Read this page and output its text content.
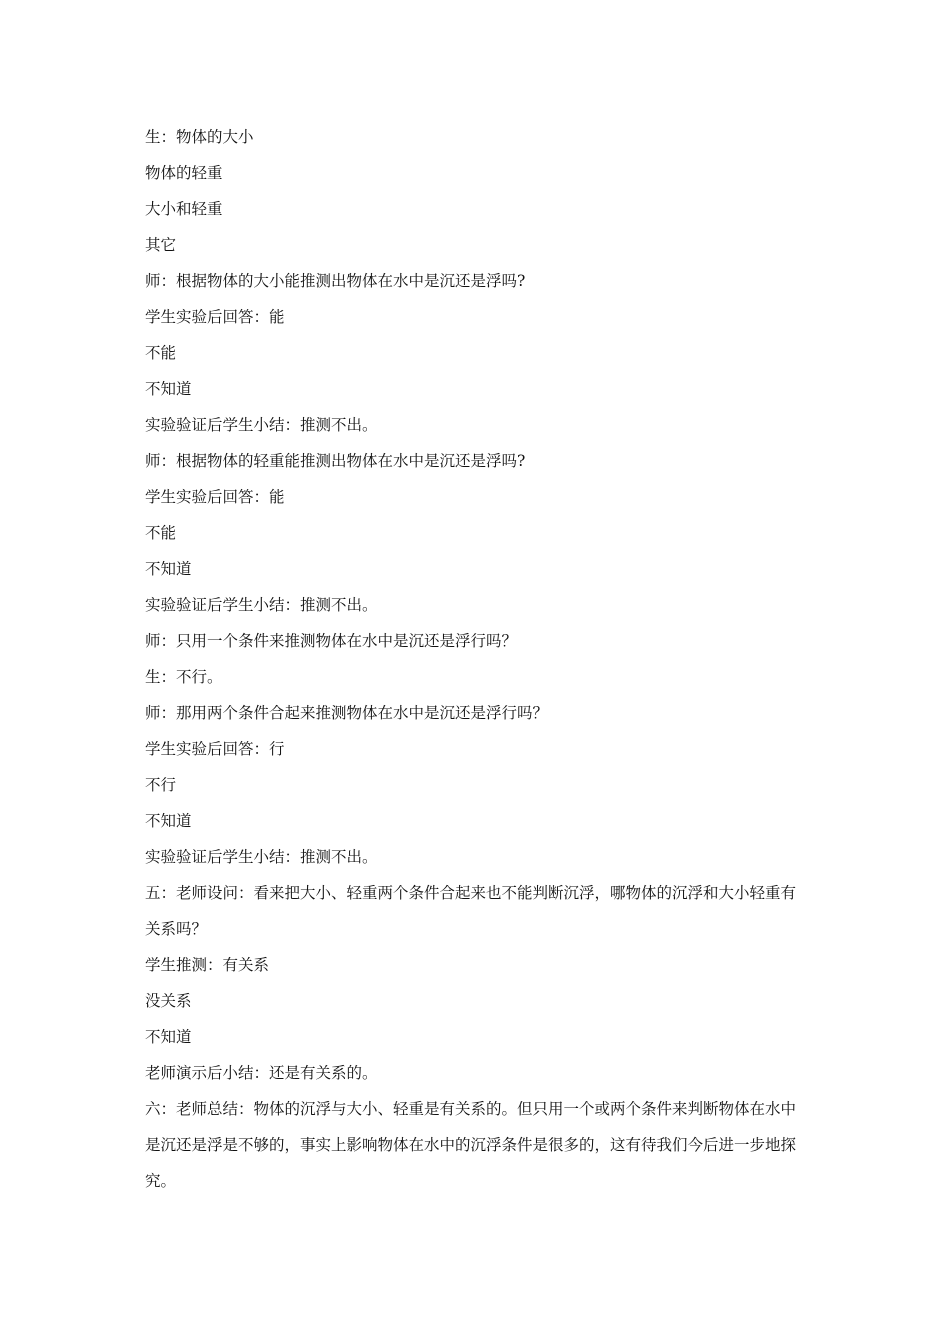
生：物体的大小

物体的轻重

大小和轻重

其它

师：根据物体的大小能推测出物体在水中是沉还是浮吗?

学生实验后回答：能

不能

不知道

实验验证后学生小结：推测不出。

师：根据物体的轻重能推测出物体在水中是沉还是浮吗?

学生实验后回答：能

不能

不知道

实验验证后学生小结：推测不出。

师：只用一个条件来推测物体在水中是沉还是浮行吗？

生：不行。

师：那用两个条件合起来推测物体在水中是沉还是浮行吗？

学生实验后回答：行

不行

不知道

实验验证后学生小结：推测不出。

五：老师设问：看来把大小、轻重两个条件合起来也不能判断沉浮，哪物体的沉浮和大小轻重有关系吗？

学生推测：有关系

没关系

不知道

老师演示后小结：还是有关系的。

六：老师总结：物体的沉浮与大小、轻重是有关系的。但只用一个或两个条件来判断物体在水中是沉还是浮是不够的，事实上影响物体在水中的沉浮条件是很多的，这有待我们今后进一步地探究。
